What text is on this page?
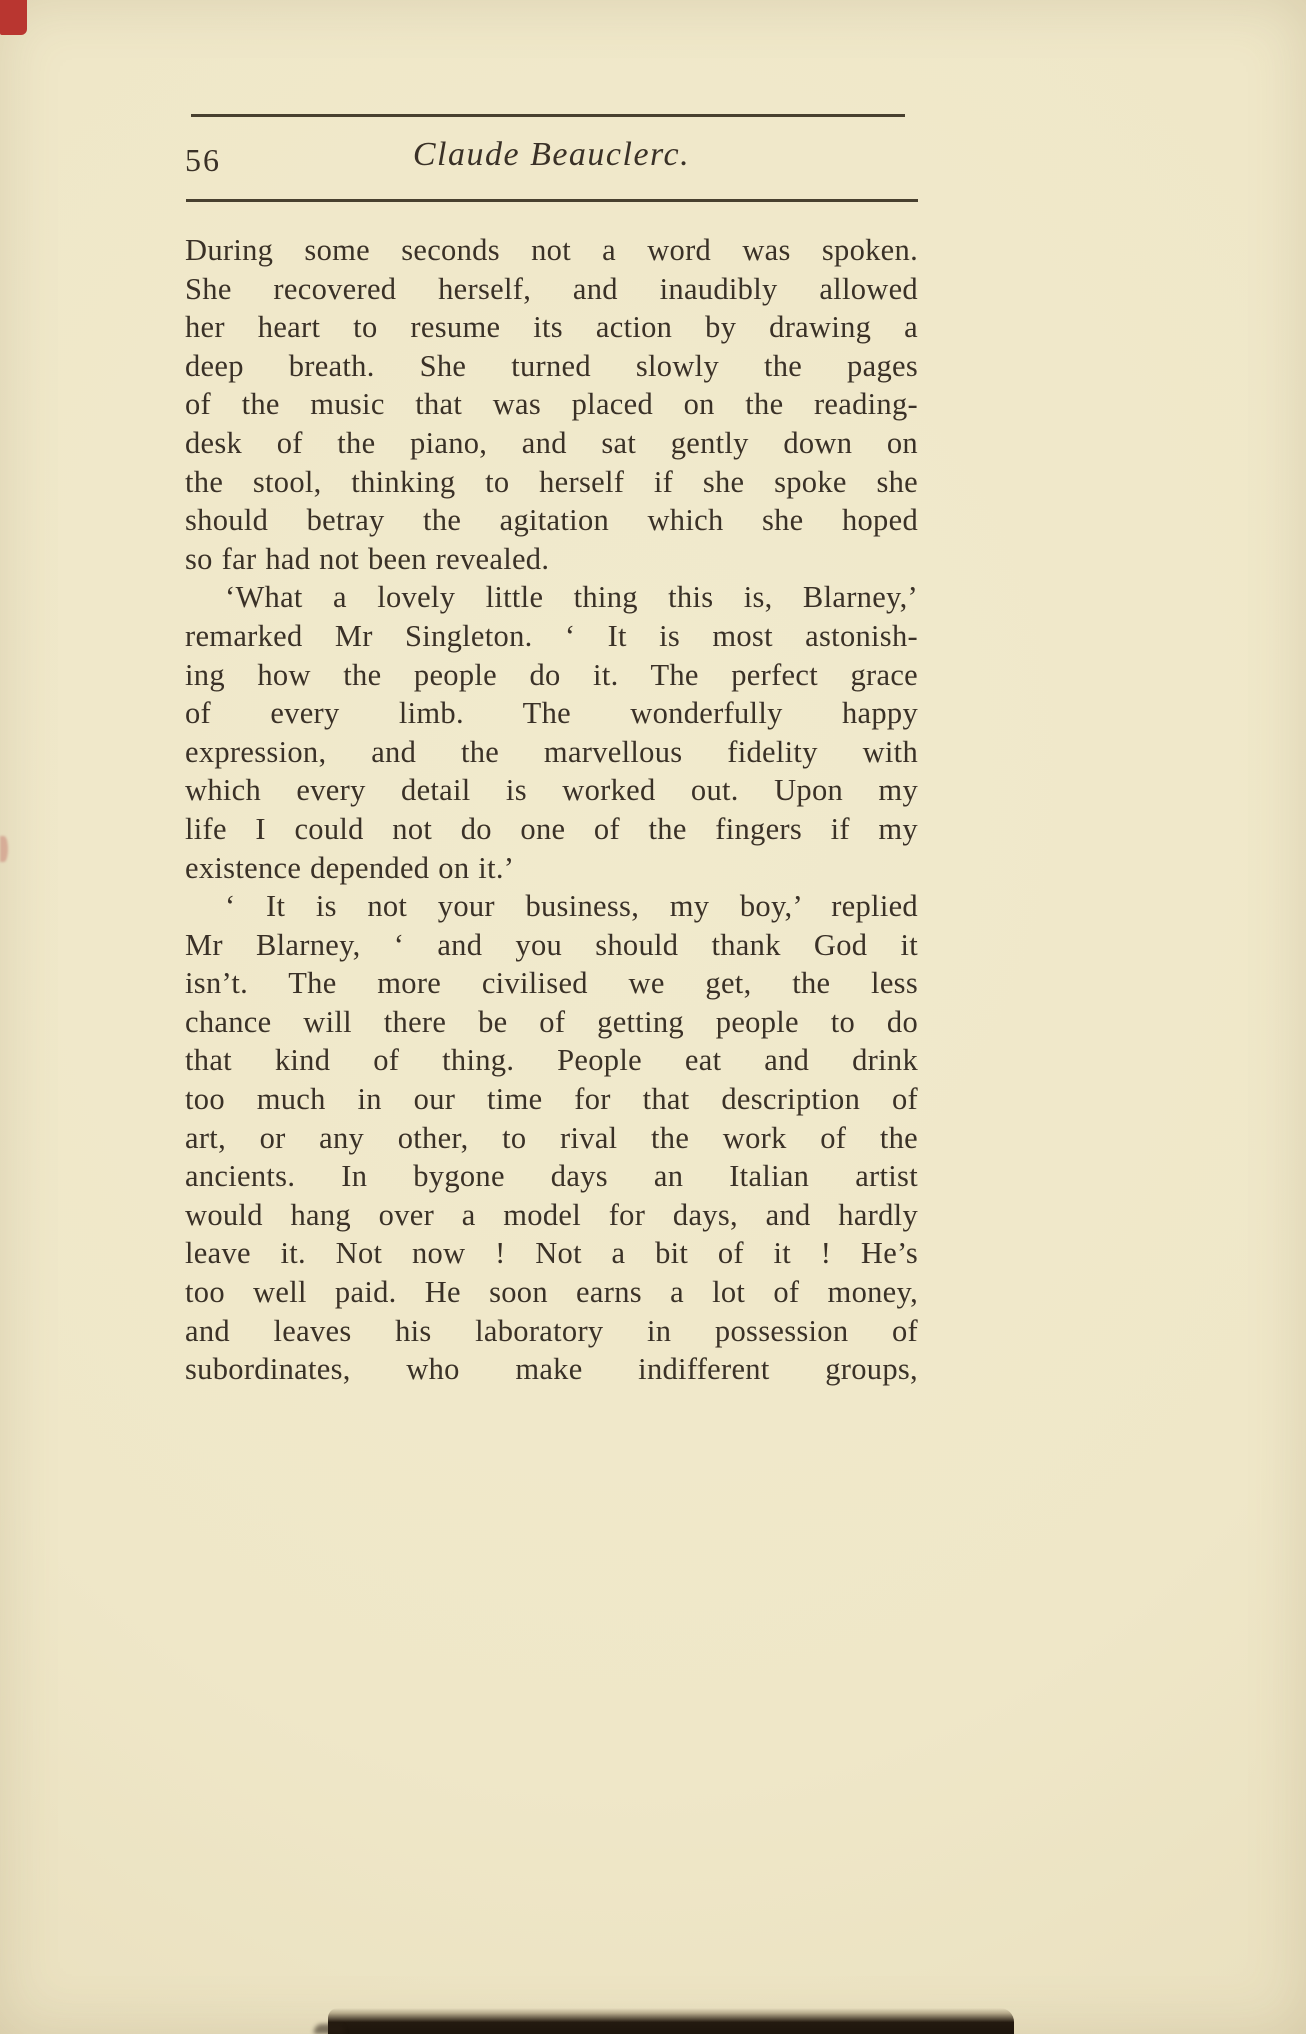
56	Claude Beauclerc.
During some seconds not a word was spoken.
She recovered herself, and inaudibly allowed
her heart to resume its action by drawing a
deep breath. She turned slowly the pages
of the music that was placed on the reading-
desk of the piano, and sat gently down on
the stool, thinking to herself if she spoke she
should betray the agitation which she hoped
so far had not been revealed.
‘What a lovely little thing this is, Blarney,’
remarked Mr Singleton. ‘ It is most astonish-
ing how the people do it. The perfect grace
of every limb. The wonderfully happy
expression, and the marvellous fidelity with
which every detail is worked out. Upon my
life I could not do one of the fingers if my
existence depended on it.’
‘ It is not your business, my boy,’ replied
Mr Blarney, ‘ and you should thank God it
isn’t. The more civilised we get, the less
chance will there be of getting people to do
that kind of thing. People eat and drink
too much in our time for that description of
art, or any other, to rival the work of the
ancients. In bygone days an Italian artist
would hang over a model for days, and hardly
leave it. Not now ! Not a bit of it ! He’s
too well paid. He soon earns a lot of money,
and leaves his laboratory in possession of
subordinates, who make indifferent groups,
